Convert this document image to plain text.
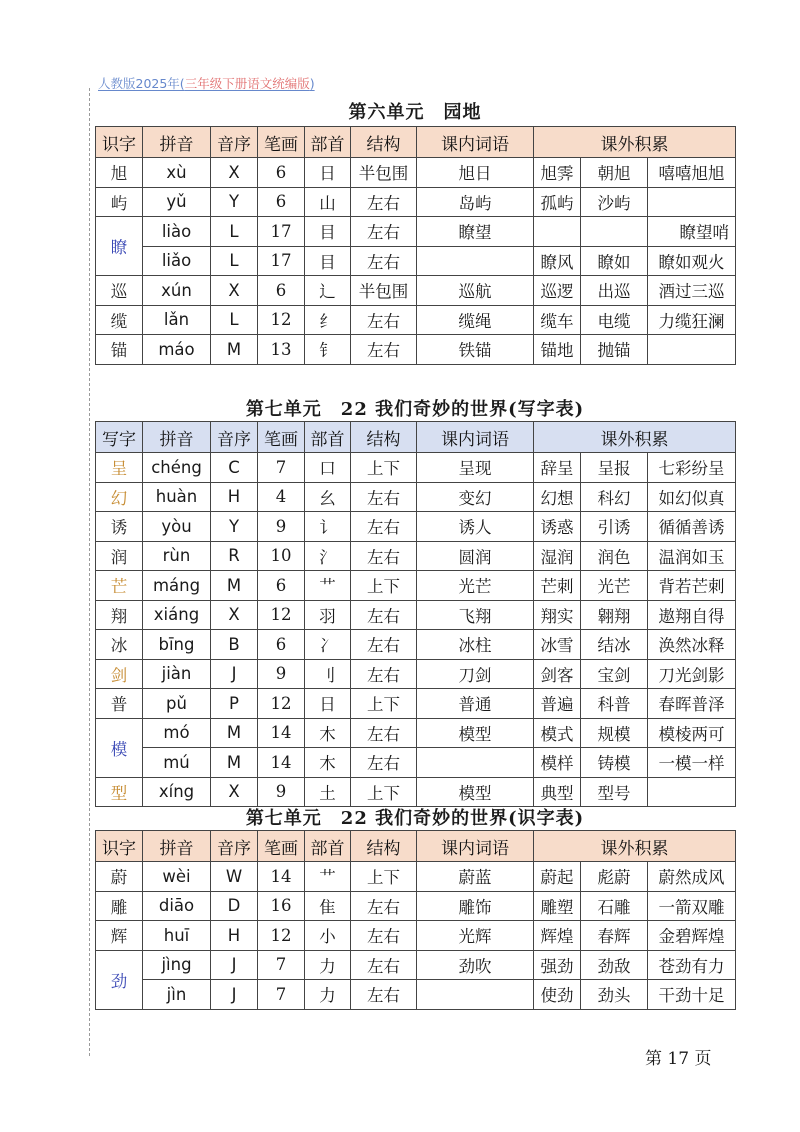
人教版2025年(三年级下册语文统编版)
第六单元　园地
识字	拼音	音序	笔画	部首	结构	课内词语	课外积累		
旭	xù	X	6	日	半包围	旭日	旭霁	朝旭	嘻嘻旭旭
屿	yǔ	Y	6	山	左右	岛屿	孤屿	沙屿	
瞭	liào	L	17	目	左右	瞭望			瞭望哨
	liǎo	L	17	目	左右		瞭风	瞭如	瞭如观火
巡	xún	X	6	辶	半包围	巡航	巡逻	出巡	酒过三巡
缆	lǎn	L	12	纟	左右	缆绳	缆车	电缆	力缆狂澜
锚	máo	M	13	钅	左右	铁锚	锚地	抛锚	
第七单元　22 我们奇妙的世界(写字表)
写字	拼音	音序	笔画	部首	结构	课内词语	课外积累		
呈	chéng	C	7	口	上下	呈现	辞呈	呈报	七彩纷呈
幻	huàn	H	4	幺	左右	变幻	幻想	科幻	如幻似真
诱	yòu	Y	9	讠	左右	诱人	诱惑	引诱	循循善诱
润	rùn	R	10	氵	左右	圆润	湿润	润色	温润如玉
芒	máng	M	6	艹	上下	光芒	芒刺	光芒	背若芒刺
翔	xiáng	X	12	羽	左右	飞翔	翔实	翱翔	遨翔自得
冰	bīng	B	6	冫	左右	冰柱	冰雪	结冰	涣然冰释
剑	jiàn	J	9	刂	左右	刀剑	剑客	宝剑	刀光剑影
普	pǔ	P	12	日	上下	普通	普遍	科普	春晖普泽
模	mó	M	14	木	左右	模型	模式	规模	模棱两可
	mú	M	14	木	左右		模样	铸模	一模一样
型	xíng	X	9	土	上下	模型	典型	型号	
第七单元　22 我们奇妙的世界(识字表)
识字	拼音	音序	笔画	部首	结构	课内词语	课外积累		
蔚	wèi	W	14	艹	上下	蔚蓝	蔚起	彪蔚	蔚然成风
雕	diāo	D	16	隹	左右	雕饰	雕塑	石雕	一箭双雕
辉	huī	H	12	小	左右	光辉	辉煌	春辉	金碧辉煌
劲	jìng	J	7	力	左右	劲吹	强劲	劲敌	苍劲有力
	jìn	J	7	力	左右		使劲	劲头	干劲十足
第 17 页
